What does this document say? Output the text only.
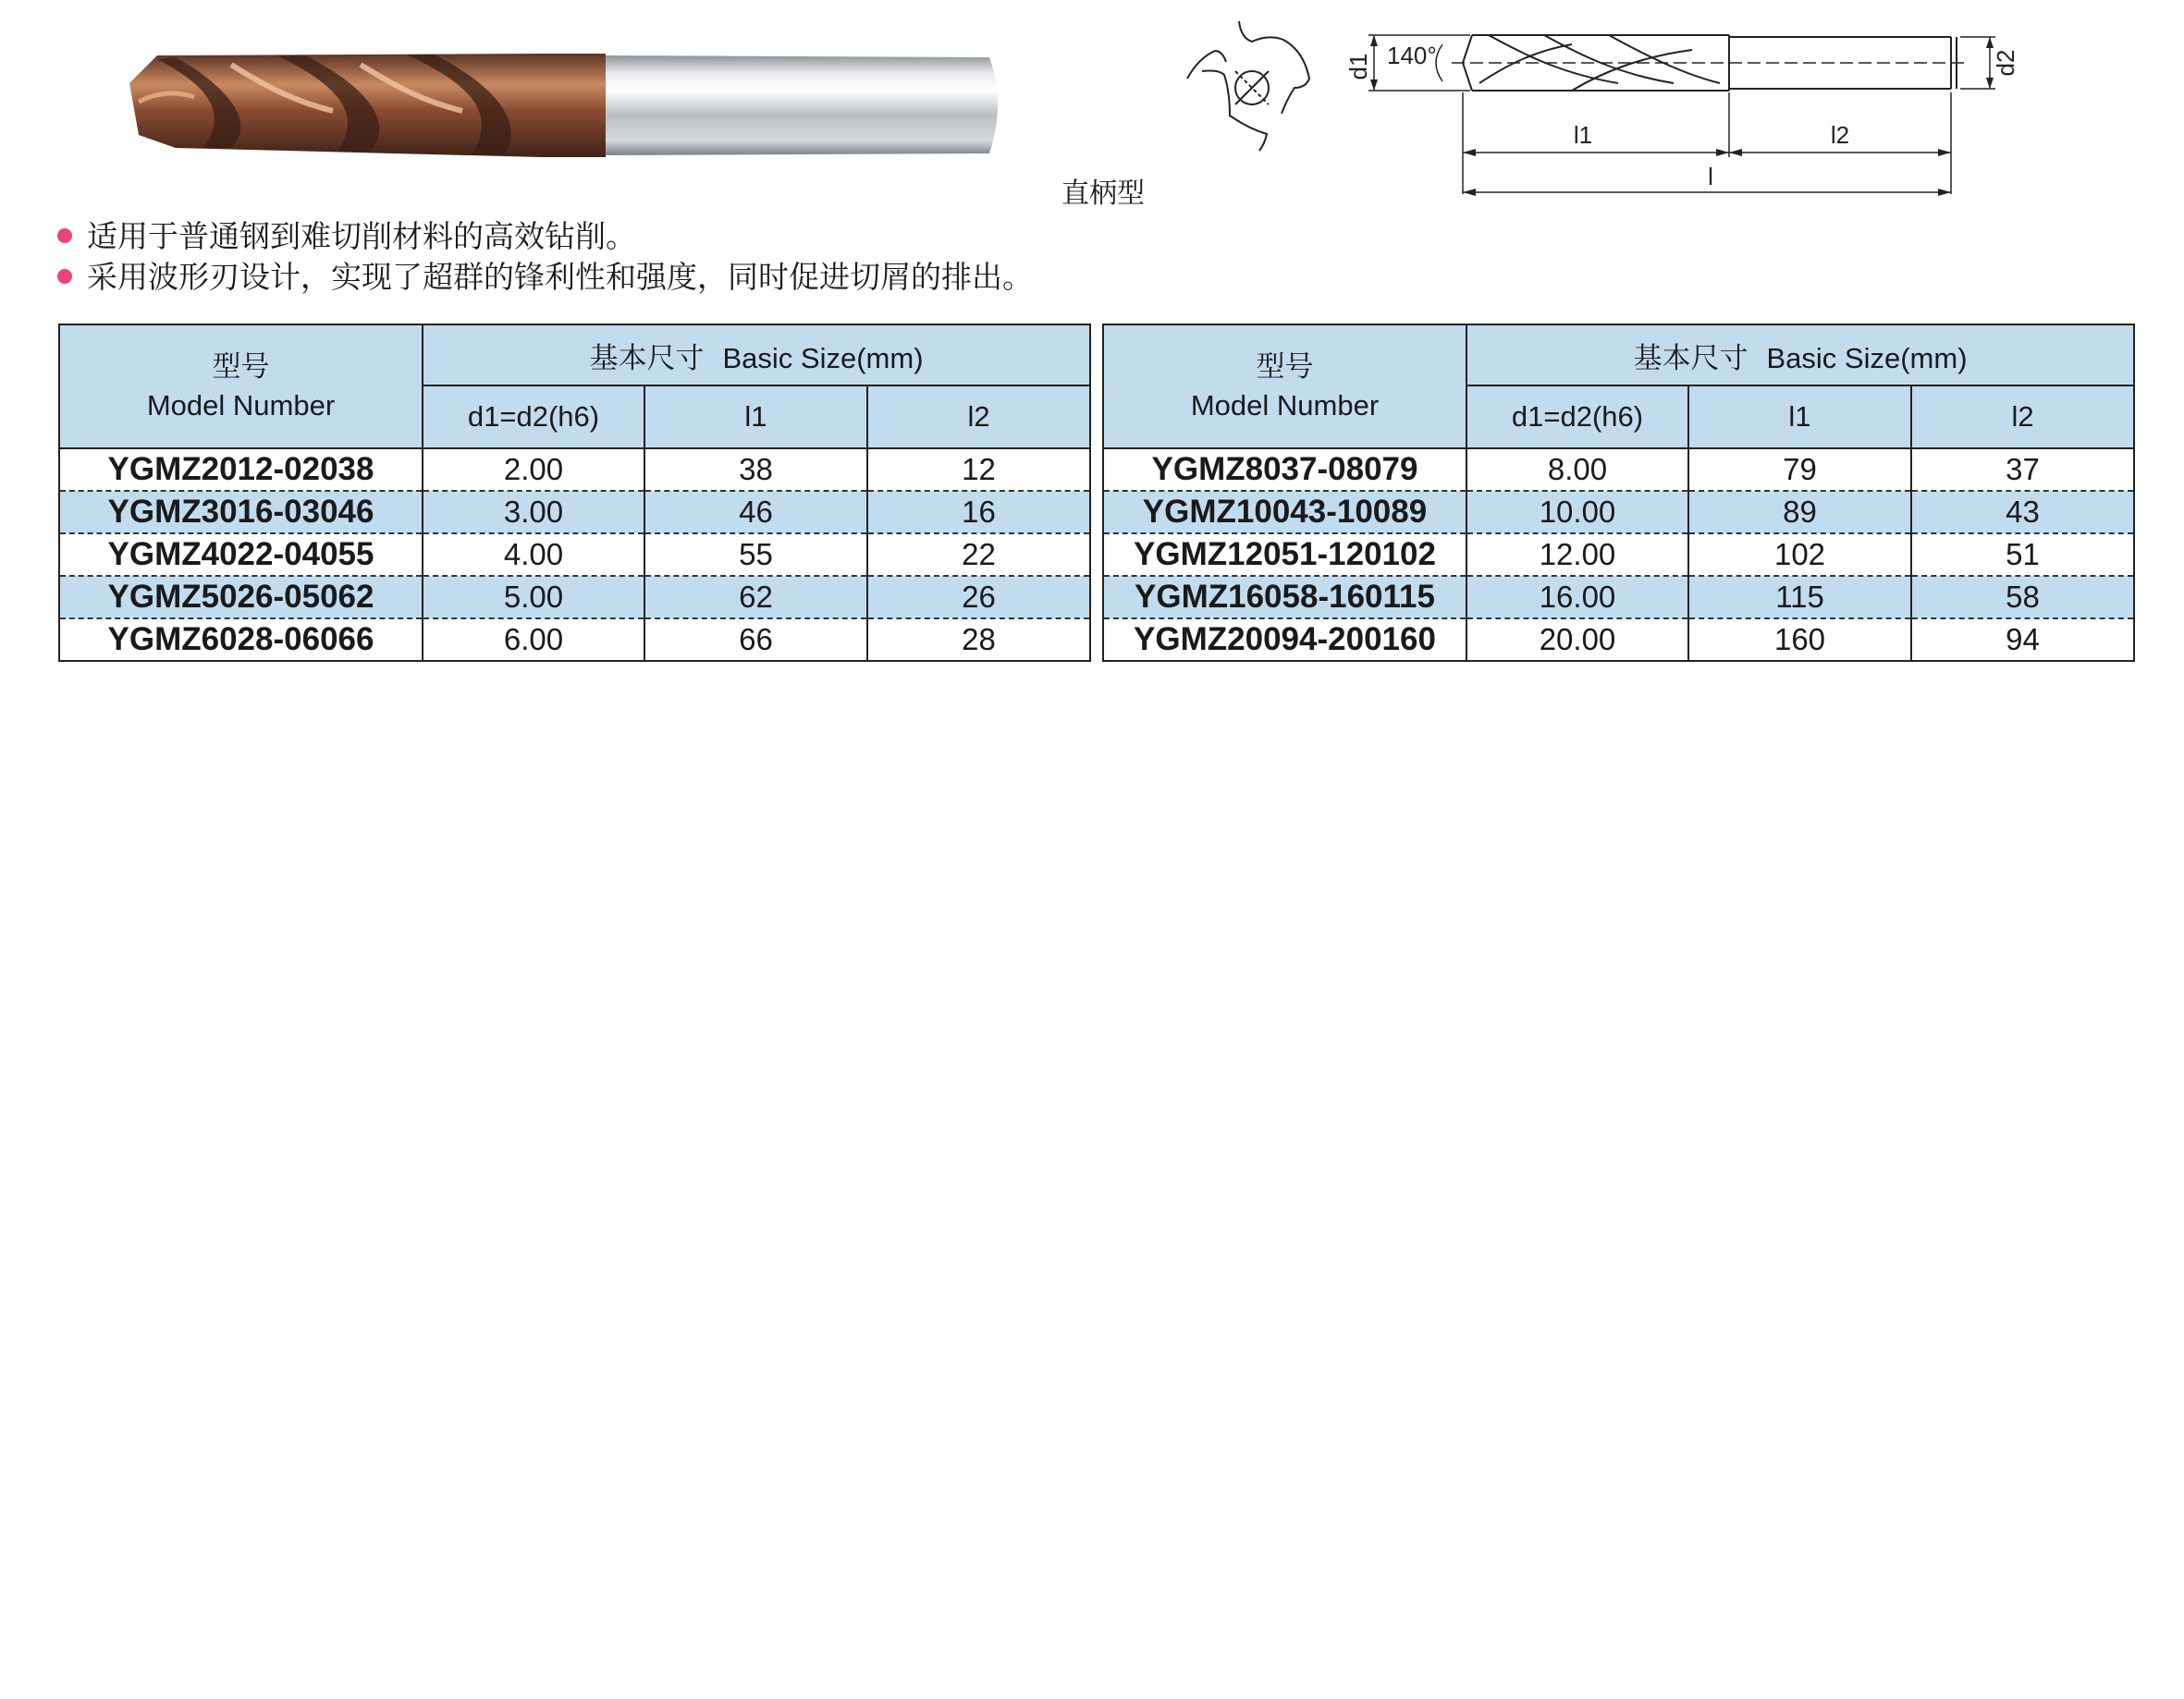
直柄型
d1 140°	d2
l1	l2
l
适用于普通钢到难切削材料的高效钻削。
采用波形刃设计，实现了超群的锋利性和强度，同时促进切屑的排出。
型号
Model Number	基本尺寸 Basic Size(mm)		
	d1=d2(h6)	l1	l2
YGMZ2012-02038	2.00	38	12
YGMZ3016-03046	3.00	46	16
YGMZ4022-04055	4.00	55	22
YGMZ5026-05062	5.00	62	26
YGMZ6028-06066	6.00	66	28
型号
Model Number	基本尺寸 Basic Size(mm)		
	d1=d2(h6)	l1	l2
YGMZ8037-08079	8.00	79	37
YGMZ10043-10089	10.00	89	43
YGMZ12051-120102	12.00	102	51
YGMZ16058-160115	16.00	115	58
YGMZ20094-200160	20.00	160	94
